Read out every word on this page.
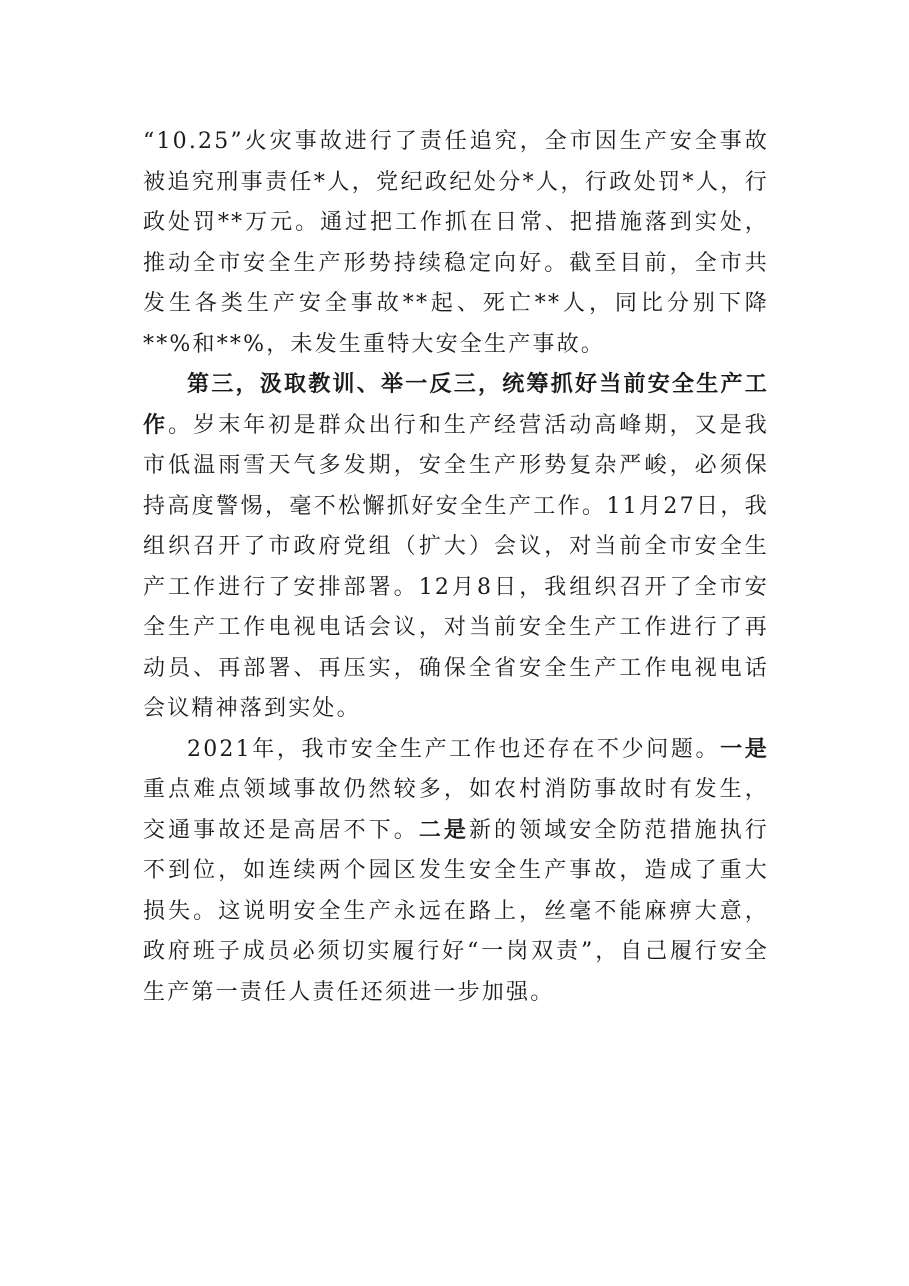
“10.25”火灾事故进行了责任追究，全市因生产安全事故被追究刑事责任*人，党纪政纪处分*人，行政处罚*人，行政处罚**万元。通过把工作抓在日常、把措施落到实处，推动全市安全生产形势持续稳定向好。截至目前，全市共发生各类生产安全事故**起、死亡**人，同比分别下降**%和**%，未发生重特大安全生产事故。

第三，汲取教训、举一反三，统筹抓好当前安全生产工作。岁末年初是群众出行和生产经营活动高峰期，又是我市低温雨雪天气多发期，安全生产形势复杂严峻，必须保持高度警惕，毫不松懈抓好安全生产工作。11月27日，我组织召开了市政府党组（扩大）会议，对当前全市安全生产工作进行了安排部署。12月8日，我组织召开了全市安全生产工作电视电话会议，对当前安全生产工作进行了再动员、再部署、再压实，确保全省安全生产工作电视电话会议精神落到实处。

2021年，我市安全生产工作也还存在不少问题。一是重点难点领域事故仍然较多，如农村消防事故时有发生，交通事故还是高居不下。二是新的领域安全防范措施执行不到位，如连续两个园区发生安全生产事故，造成了重大损失。这说明安全生产永远在路上，丝毫不能麻痹大意，政府班子成员必须切实履行好“一岗双责”，自己履行安全生产第一责任人责任还须进一步加强。
